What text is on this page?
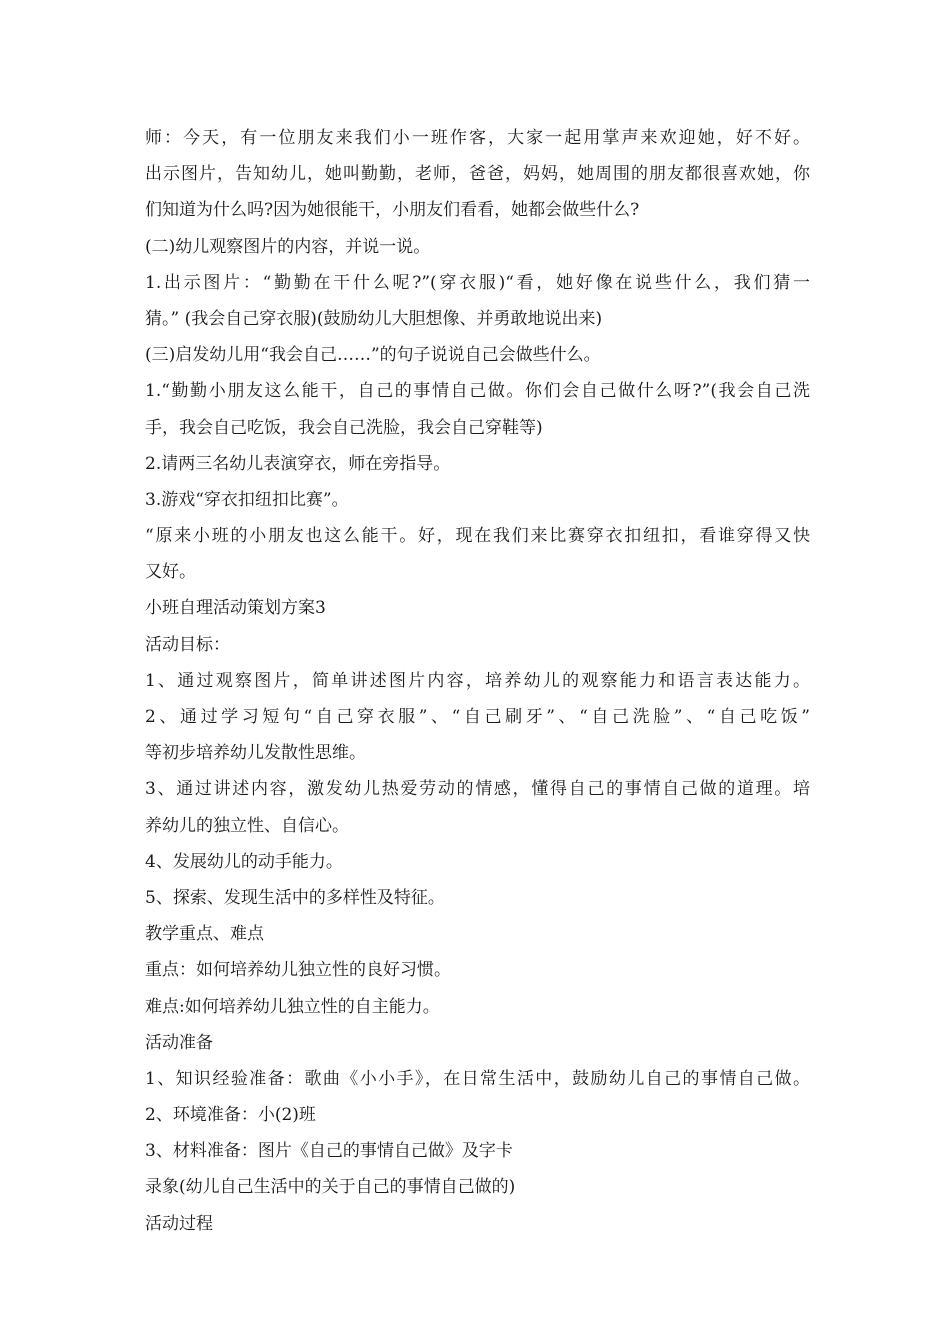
师：今天，有一位朋友来我们小一班作客，大家一起用掌声来欢迎她，好不好。
出示图片，告知幼儿，她叫勤勤，老师，爸爸，妈妈，她周围的朋友都很喜欢她，你
们知道为什么吗?因为她很能干，小朋友们看看，她都会做些什么?
(二)幼儿观察图片的内容，并说一说。
1.出示图片：“勤勤在干什么呢?”(穿衣服)“看，她好像在说些什么，我们猜一
猜。” (我会自己穿衣服)(鼓励幼儿大胆想像、并勇敢地说出来)
(三)启发幼儿用“我会自己……”的句子说说自己会做些什么。
1.“勤勤小朋友这么能干，自己的事情自己做。你们会自己做什么呀?”(我会自己洗
手，我会自己吃饭，我会自己洗脸，我会自己穿鞋等)
2.请两三名幼儿表演穿衣，师在旁指导。
3.游戏“穿衣扣纽扣比赛”。
“原来小班的小朋友也这么能干。好，现在我们来比赛穿衣扣纽扣，看谁穿得又快
又好。
小班自理活动策划方案3
活动目标：
1、通过观察图片，简单讲述图片内容，培养幼儿的观察能力和语言表达能力。
2、通过学习短句“自己穿衣服”、“自己刷牙”、“自己洗脸”、“自己吃饭”
等初步培养幼儿发散性思维。
3、通过讲述内容，激发幼儿热爱劳动的情感，懂得自己的事情自己做的道理。培
养幼儿的独立性、自信心。
4、发展幼儿的动手能力。
5、探索、发现生活中的多样性及特征。
教学重点、难点
重点：如何培养幼儿独立性的良好习惯。
难点:如何培养幼儿独立性的自主能力。
活动准备
1、知识经验准备：歌曲《小小手》，在日常生活中，鼓励幼儿自己的事情自己做。
2、环境准备：小(2)班
3、材料准备：图片《自己的事情自己做》及字卡
录象(幼儿自己生活中的关于自己的事情自己做的)
活动过程
